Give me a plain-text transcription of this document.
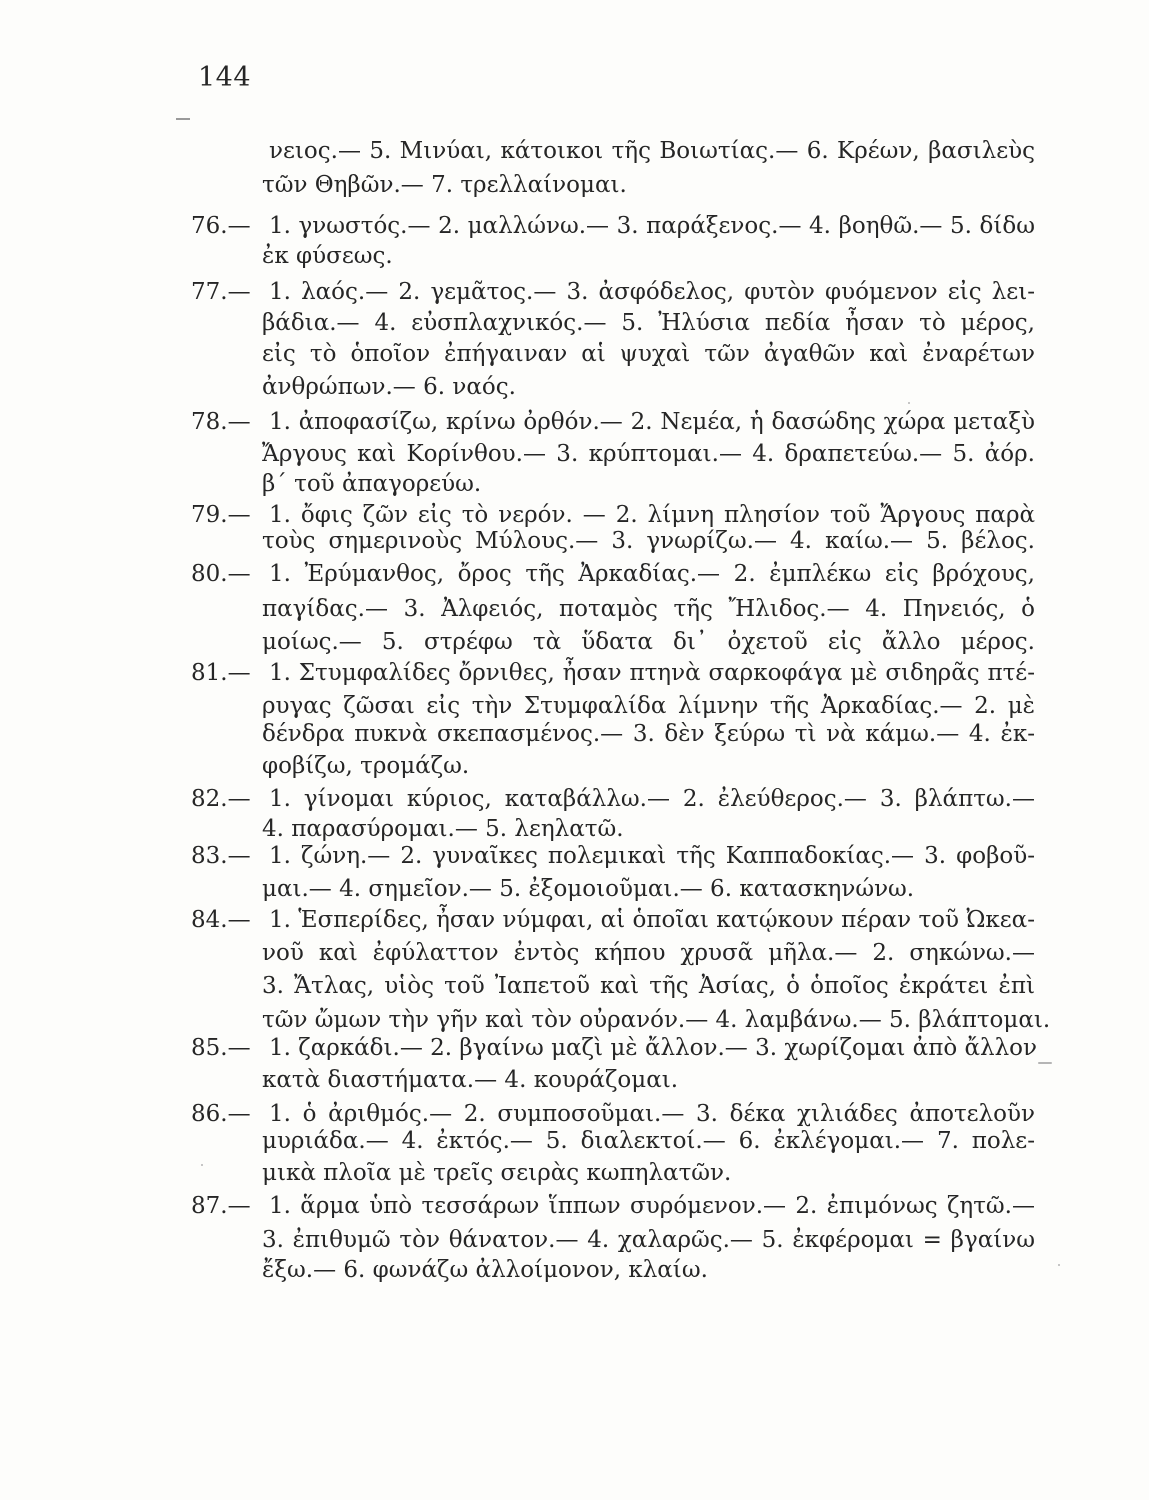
144
νειος.— 5. Μινύαι, κάτοικοι τῆς Βοιωτίας.— 6. Κρέων, βασιλεὺς
τῶν Θηβῶν.— 7. τρελλαίνομαι.
76.— 1. γνωστός.— 2. μαλλώνω.— 3. παράξενος.— 4. βοηθῶ.— 5. δίδω
ἐκ φύσεως.
77.— 1. λαός.— 2. γεμᾶτος.— 3. ἀσφόδελος, φυτὸν φυόμενον εἰς λει-
βάδια.— 4. εὐσπλαχνικός.— 5. Ἠλύσια πεδία ἦσαν τὸ μέρος,
εἰς τὸ ὁποῖον ἐπήγαιναν αἱ ψυχαὶ τῶν ἀγαθῶν καὶ ἐναρέτων
ἀνθρώπων.— 6. ναός.
78.— 1. ἀποφασίζω, κρίνω ὀρθόν.— 2. Νεμέα, ἡ δασώδης χώρα μεταξὺ
Ἄργους καὶ Κορίνθου.— 3. κρύπτομαι.— 4. δραπετεύω.— 5. ἀόρ.
β΄ τοῦ ἀπαγορεύω.
79.— 1. ὄφις ζῶν εἰς τὸ νερόν. — 2. λίμνη πλησίον τοῦ Ἄργους παρὰ
τοὺς σημερινοὺς Μύλους.— 3. γνωρίζω.— 4. καίω.— 5. βέλος.
80.— 1. Ἐρύμανθος, ὄρος τῆς Ἀρκαδίας.— 2. ἐμπλέκω εἰς βρόχους,
παγίδας.— 3. Ἀλφειός, ποταμὸς τῆς Ἤλιδος.— 4. Πηνειός, ὁ
μοίως.— 5. στρέφω τὰ ὕδατα δι᾽ ὀχετοῦ εἰς ἄλλο μέρος.
81.— 1. Στυμφαλίδες ὄρνιθες, ἦσαν πτηνὰ σαρκοφάγα μὲ σιδηρᾶς πτέ-
ρυγας ζῶσαι εἰς τὴν Στυμφαλίδα λίμνην τῆς Ἀρκαδίας.— 2. μὲ
δένδρα πυκνὰ σκεπασμένος.— 3. δὲν ξεύρω τὶ νὰ κάμω.— 4. ἐκ-
φοβίζω, τρομάζω.
82.— 1. γίνομαι κύριος, καταβάλλω.— 2. ἐλεύθερος.— 3. βλάπτω.—
4. παρασύρομαι.— 5. λεηλατῶ.
83.— 1. ζώνη.— 2. γυναῖκες πολεμικαὶ τῆς Καππαδοκίας.— 3. φοβοῦ-
μαι.— 4. σημεῖον.— 5. ἐξομοιοῦμαι.— 6. κατασκηνώνω.
84.— 1. Ἑσπερίδες, ἦσαν νύμφαι, αἱ ὁποῖαι κατῴκουν πέραν τοῦ Ὠκεα-
νοῦ καὶ ἐφύλαττον ἐντὸς κήπου χρυσᾶ μῆλα.— 2. σηκώνω.—
3. Ἄτλας, υἱὸς τοῦ Ἰαπετοῦ καὶ τῆς Ἀσίας, ὁ ὁποῖος ἐκράτει ἐπὶ
τῶν ὤμων τὴν γῆν καὶ τὸν οὐρανόν.— 4. λαμβάνω.— 5. βλάπτομαι.
85.— 1. ζαρκάδι.— 2. βγαίνω μαζὶ μὲ ἄλλον.— 3. χωρίζομαι ἀπὸ ἄλλον
κατὰ διαστήματα.— 4. κουράζομαι.
86.— 1. ὁ ἀριθμός.— 2. συμποσοῦμαι.— 3. δέκα χιλιάδες ἀποτελοῦν
μυριάδα.— 4. ἐκτός.— 5. διαλεκτοί.— 6. ἐκλέγομαι.— 7. πολε-
μικὰ πλοῖα μὲ τρεῖς σειρὰς κωπηλατῶν.
87.— 1. ἅρμα ὑπὸ τεσσάρων ἵππων συρόμενον.— 2. ἐπιμόνως ζητῶ.—
3. ἐπιθυμῶ τὸν θάνατον.— 4. χαλαρῶς.— 5. ἐκφέρομαι = βγαίνω
ἔξω.— 6. φωνάζω ἀλλοίμονον, κλαίω.
